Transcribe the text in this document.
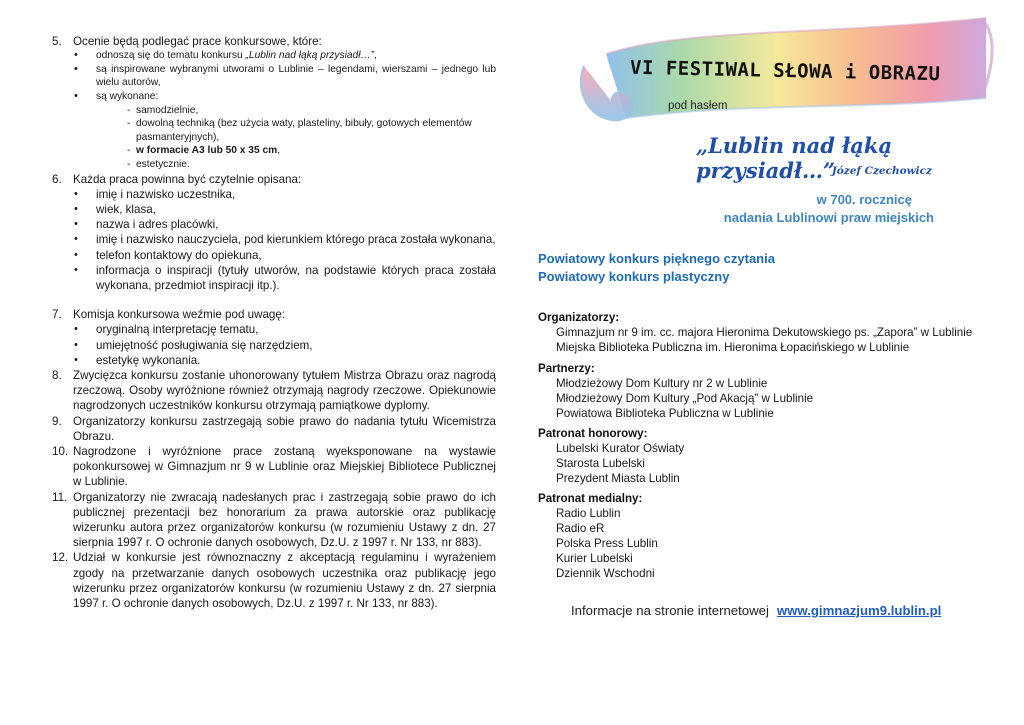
5. Ocenie będą podlegać prace konkursowe, które:
• odnoszą się do tematu konkursu „Lublin nad łąką przysiadł…”,
• są inspirowane wybranymi utworami o Lublinie – legendami, wierszami – jednego lub wielu autorów,
• są wykonane:
- samodzielnie,
- dowolną techniką (bez użycia waty, plasteliny, bibuły, gotowych elementów pasmanteryjnych),
- w formacie A3 lub 50 x 35 cm,
- estetycznie.
6. Każda praca powinna być czytelnie opisana:
• imię i nazwisko uczestnika,
• wiek, klasa,
• nazwa i adres placówki,
• imię i nazwisko nauczyciela, pod kierunkiem którego praca została wykonana,
• telefon kontaktowy do opiekuna,
• informacja o inspiracji (tytuły utworów, na podstawie których praca została wykonana, przedmiot inspiracji itp.).
7. Komisja konkursowa weźmie pod uwagę:
• oryginalną interpretację tematu,
• umiejętność posługiwania się narzędziem,
• estetykę wykonania.
8. Zwycięzca konkursu zostanie uhonorowany tytułem Mistrza Obrazu oraz nagrodą rzeczową. Osoby wyróżnione również otrzymają nagrody rzeczowe. Opiekunowie nagrodzonych uczestników konkursu otrzymają pamiątkowe dyplomy.
9. Organizatorzy konkursu zastrzegają sobie prawo do nadania tytułu Wicemistrza Obrazu.
10. Nagrodzone i wyróżnione prace zostaną wyeksponowane na wystawie pokonkursowej w Gimnazjum nr 9 w Lublinie oraz Miejskiej Bibliotece Publicznej w Lublinie.
11. Organizatorzy nie zwracają nadesłanych prac i zastrzegają sobie prawo do ich publicznej prezentacji bez honorarium za prawa autorskie oraz publikację wizerunku autora przez organizatorów konkursu (w rozumieniu Ustawy z dn. 27 sierpnia 1997 r. O ochronie danych osobowych, Dz.U. z 1997 r. Nr 133, nr 883).
12. Udział w konkursie jest równoznaczny z akceptacją regulaminu i wyrażeniem zgody na przetwarzanie danych osobowych uczestnika oraz publikację jego wizerunku przez organizatorów konkursu (w rozumieniu Ustawy z dn. 27 sierpnia 1997 r. O ochronie danych osobowych, Dz.U. z 1997 r. Nr 133, nr 883).
VI FESTIWAL SŁOWA i OBRAZU
pod hasłem
„Lublin nad łąką przysiadł…”
Józef Czechowicz
w 700. rocznicę
nadania Lublinowi praw miejskich
Powiatowy konkurs pięknego czytania
Powiatowy konkurs plastyczny
Organizatorzy:
Gimnazjum nr 9 im. cc. majora Hieronima Dekutowskiego ps. „Zapora” w Lublinie
Miejska Biblioteka Publiczna im. Hieronima Łopacińskiego w Lublinie
Partnerzy:
Młodzieżowy Dom Kultury nr 2 w Lublinie
Młodzieżowy Dom Kultury „Pod Akacją” w Lublinie
Powiatowa Biblioteka Publiczna w Lublinie
Patronat honorowy:
Lubelski Kurator Oświaty
Starosta Lubelski
Prezydent Miasta Lublin
Patronat medialny:
Radio Lublin
Radio eR
Polska Press Lublin
Kurier Lubelski
Dziennik Wschodni
Informacje na stronie internetowej www.gimnazjum9.lublin.pl
